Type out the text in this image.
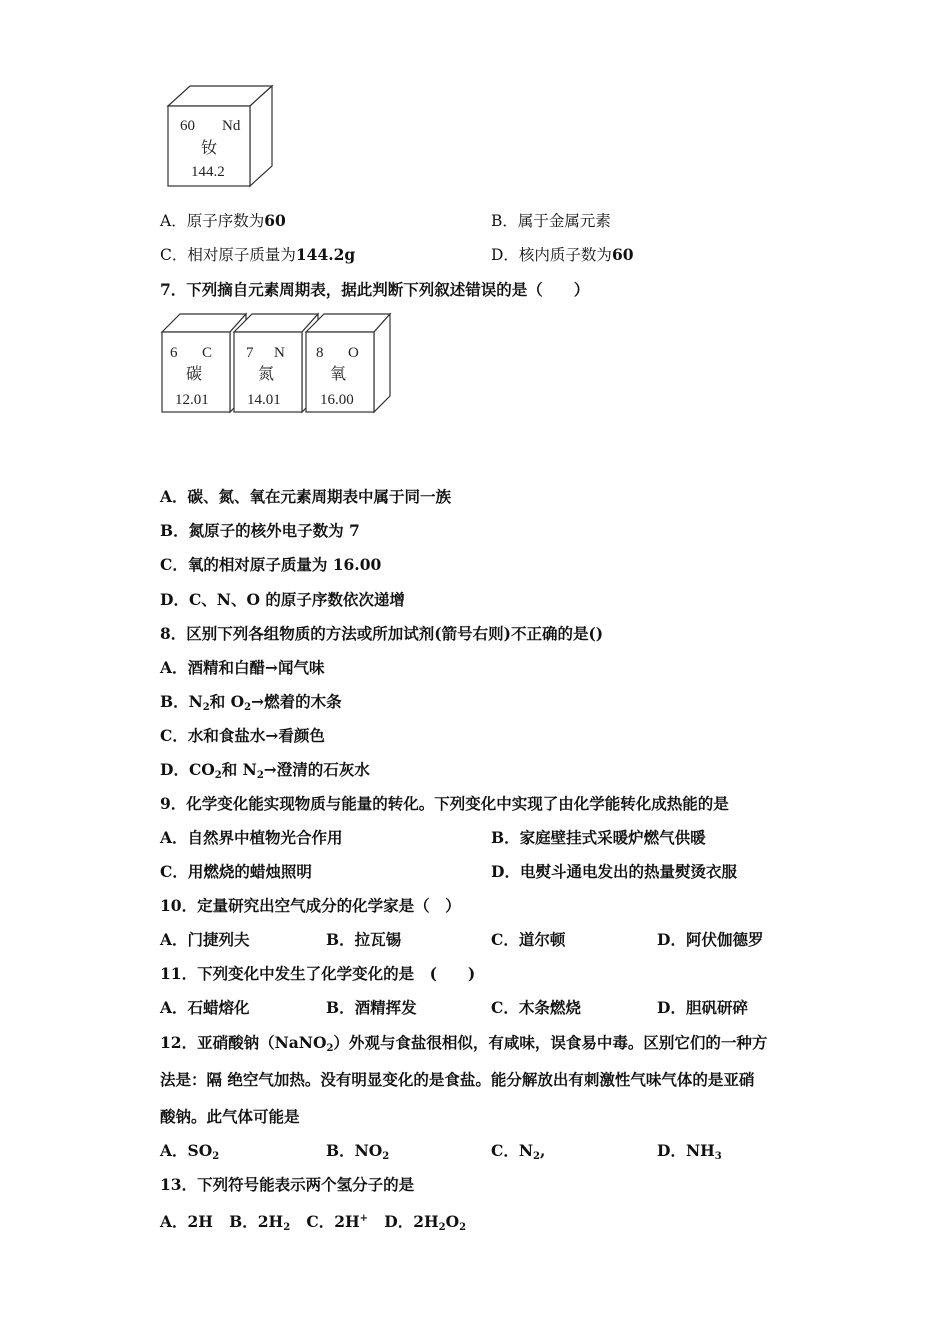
60 Nd
钕
144.2
A．原子序数为60	B．属于金属元素
C．相对原子质量为144.2g	D．核内质子数为60
7．下列摘自元素周期表，据此判断下列叙述错误的是（　　）
6 C
碳
12.01
7 N
氮
14.01
8 O
氧
16.00
A．碳、氮、氧在元素周期表中属于同一族
B．氮原子的核外电子数为 7
C．氧的相对原子质量为 16.00
D．C、N、O 的原子序数依次递增
8．区别下列各组物质的方法或所加试剂(箭号右则)不正确的是()
A．酒精和白醋→闻气味
B．$N_2$和 $O_2\to$燃着的木条
C．水和食盐水→看颜色
D．$CO_2$和 $N_2\to$澄清的石灰水
9．化学变化能实现物质与能量的转化。下列变化中实现了由化学能转化成热能的是
A．自然界中植物光合作用	B．家庭壁挂式采暖炉燃气供暖
C．用燃烧的蜡烛照明	D．电熨斗通电发出的热量熨烫衣服
10．定量研究出空气成分的化学家是（　）
A．门捷列夫	B．拉瓦锡	C．道尔顿	D．阿伏伽德罗
11．下列变化中发生了化学变化的是　(　　)
A．石蜡熔化	B．酒精挥发	C．木条燃烧	D．胆矾研碎
12．亚硝酸钠（NaNO$_2$）外观与食盐很相似，有咸味，误食易中毒。区别它们的一种方
法是：隔 绝空气加热。没有明显变化的是食盐。能分解放出有刺激性气味气体的是亚硝
酸钠。此气体可能是
A．$SO_2$	B．$NO_2$	C．$N_2$,	D．$NH_3$
13．下列符号能表示两个氢分子的是
A．2H B．$2H_2$ C．2H+ D．$2H_2O_2$
